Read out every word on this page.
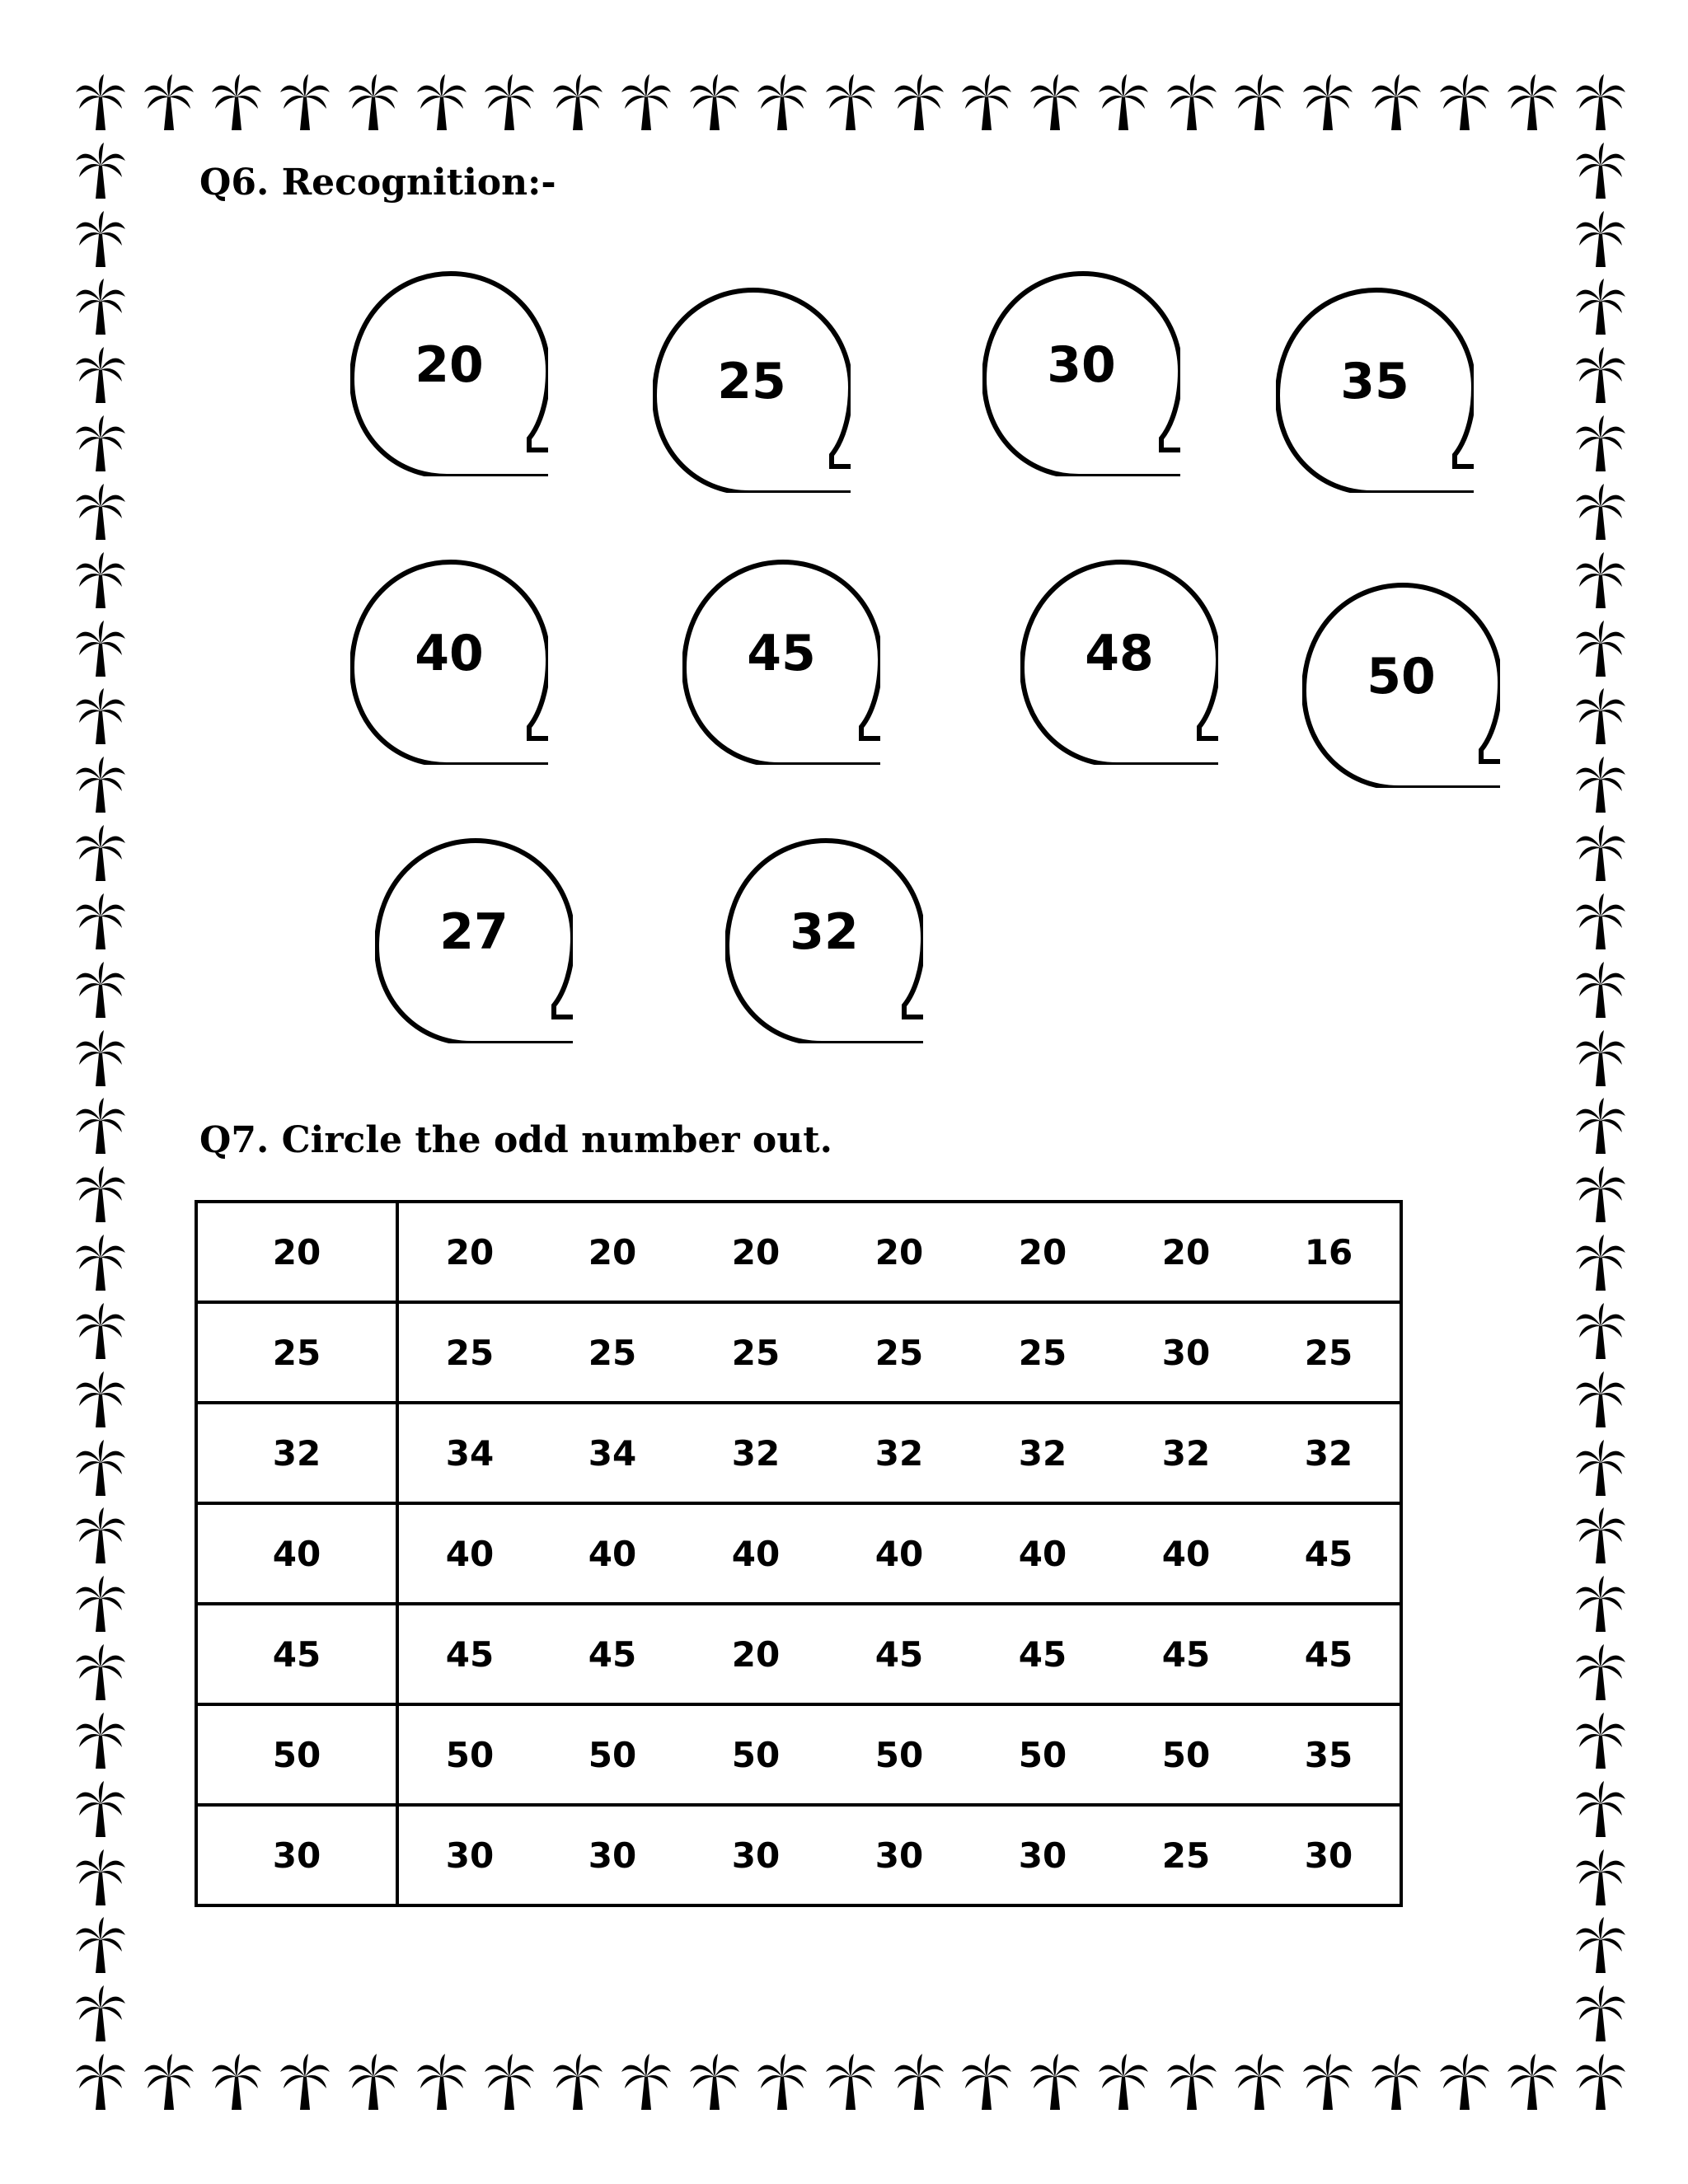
Q6. Recognition:-
20	25	30	35
40	45	48	50
27	32
Q7. Circle the odd number out.
20	20	20	20	20	20	20	16
25	25	25	25	25	25	30	25
32	34	34	32	32	32	32	32
40	40	40	40	40	40	40	45
45	45	45	20	45	45	45	45
50	50	50	50	50	50	50	35
30	30	30	30	30	30	25	30
